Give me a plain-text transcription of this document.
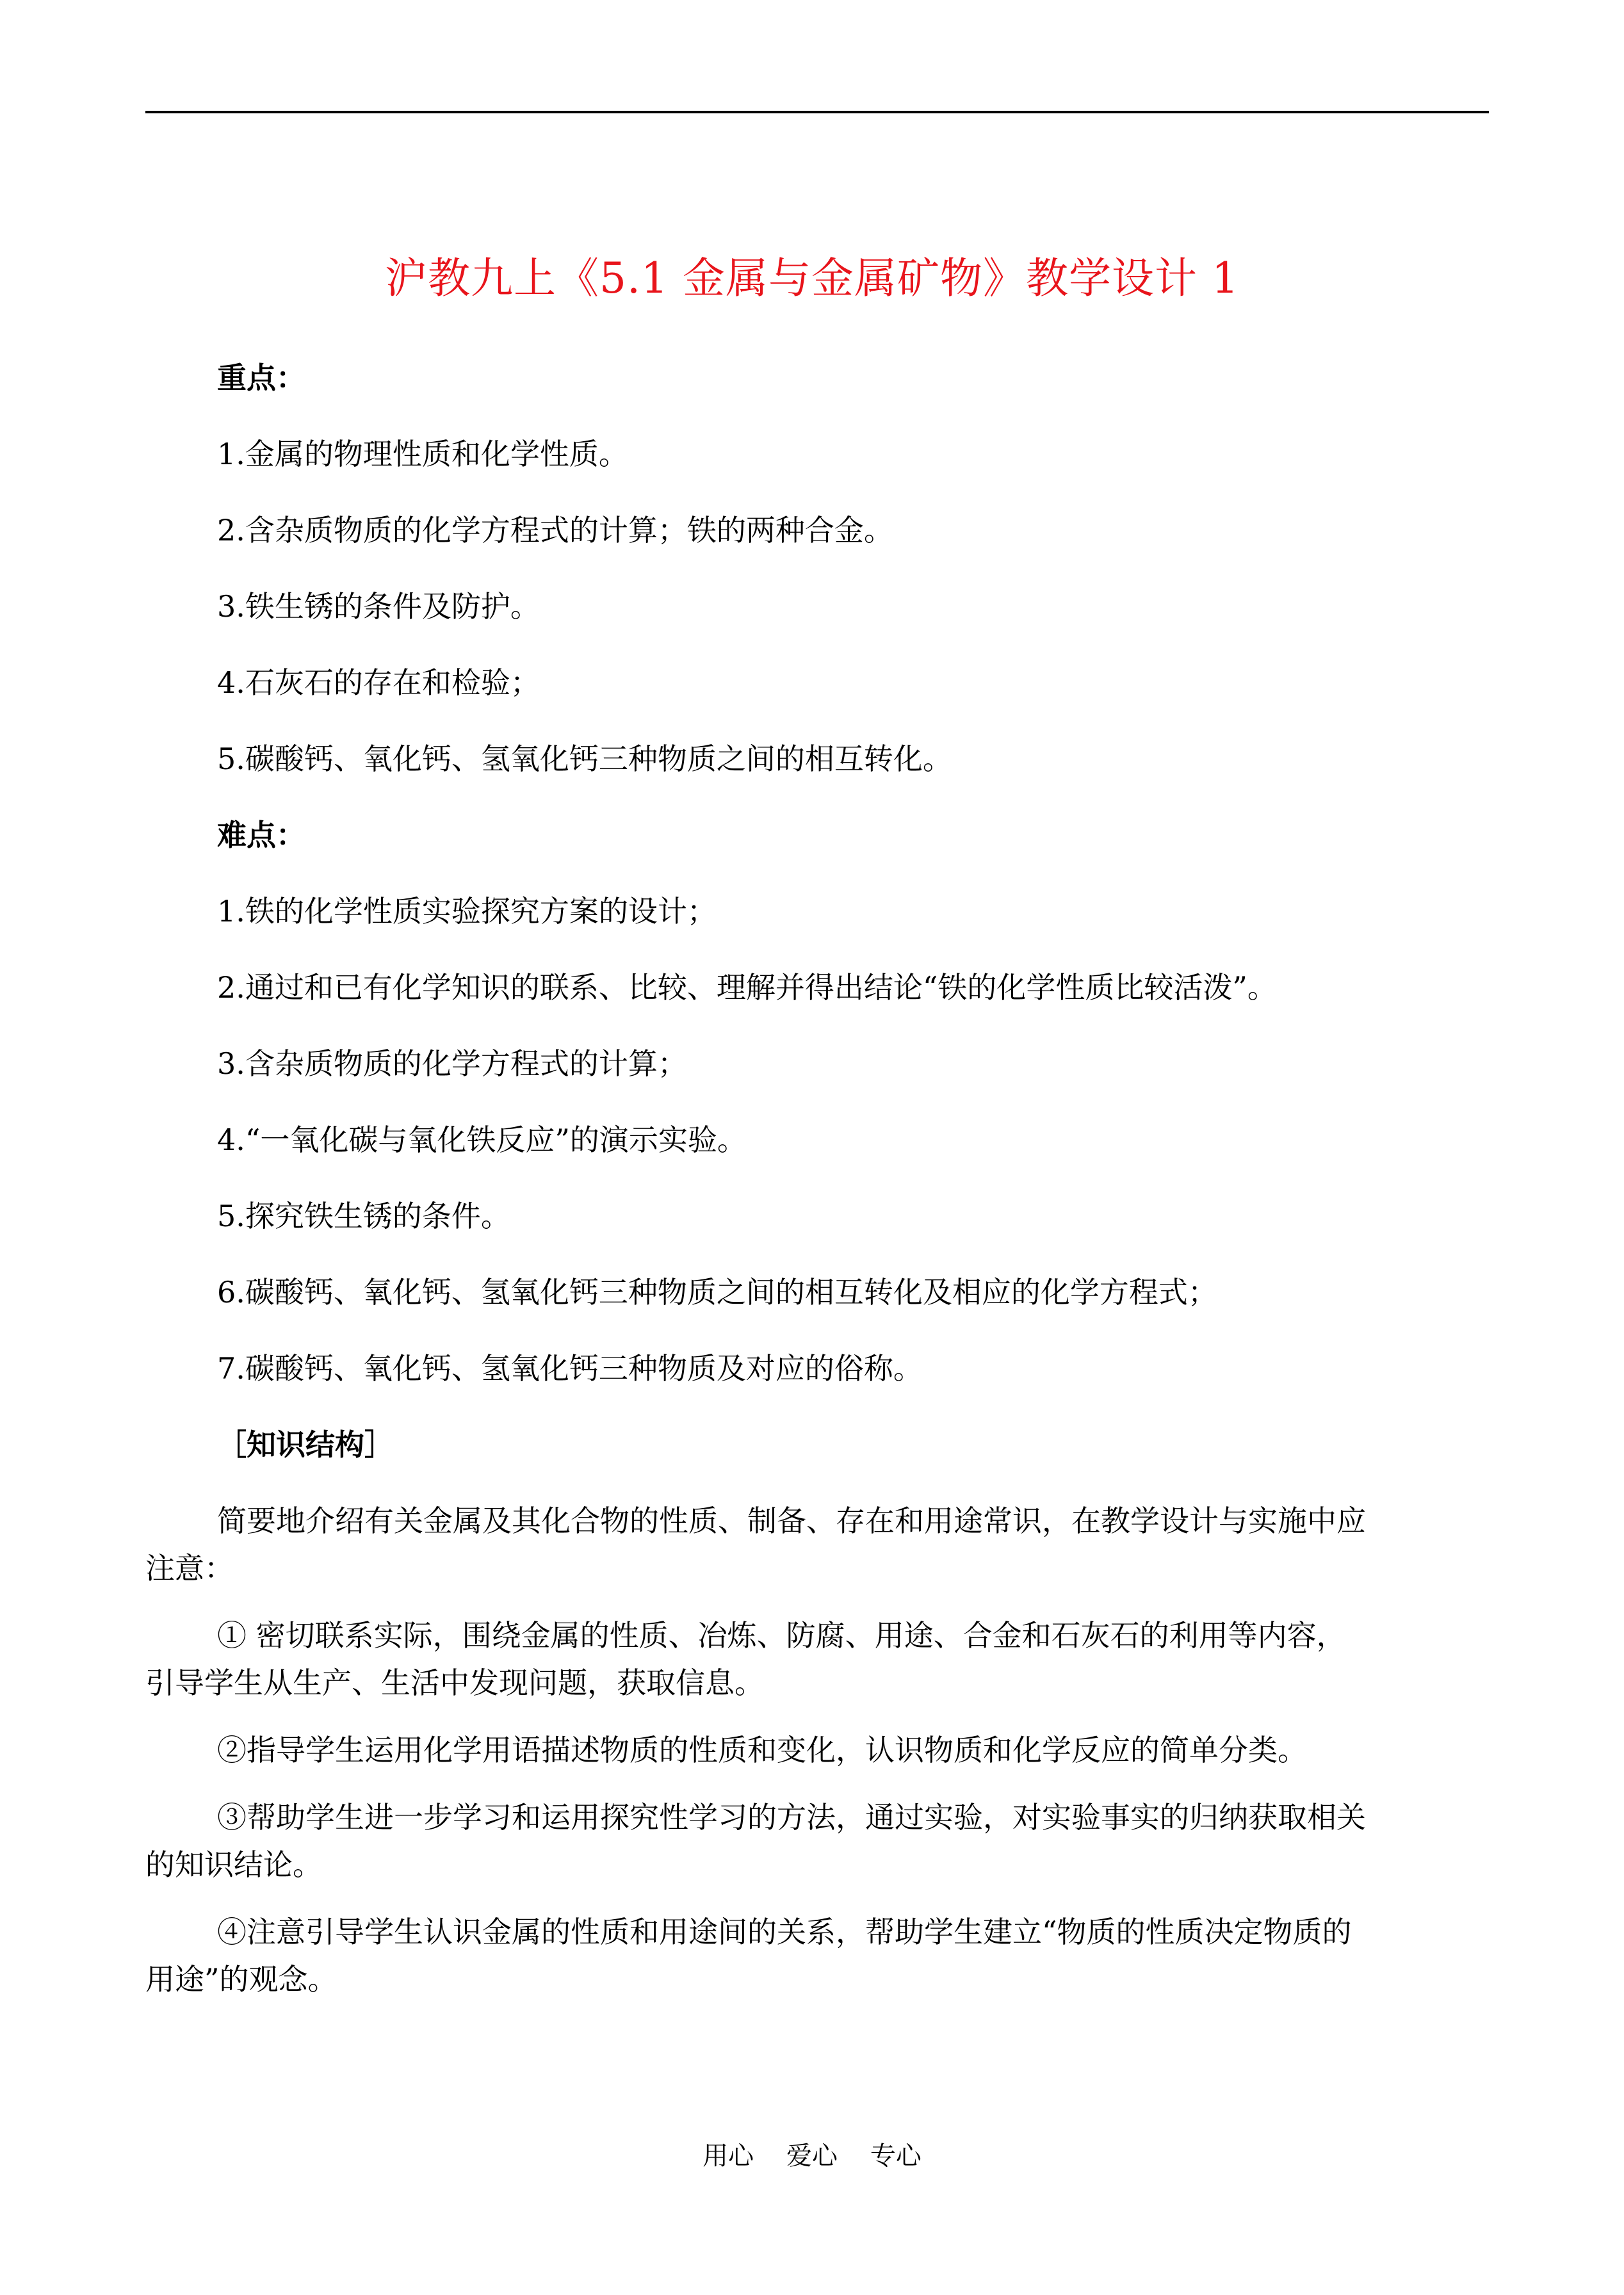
沪教九上《5.1 金属与金属矿物》教学设计 1
重点：
1.金属的物理性质和化学性质。
2.含杂质物质的化学方程式的计算；铁的两种合金。
3.铁生锈的条件及防护。
4.石灰石的存在和检验；
5.碳酸钙、氧化钙、氢氧化钙三种物质之间的相互转化。
难点：
1.铁的化学性质实验探究方案的设计；
2.通过和已有化学知识的联系、比较、理解并得出结论“铁的化学性质比较活泼”。
3.含杂质物质的化学方程式的计算；
4.“一氧化碳与氧化铁反应”的演示实验。
5.探究铁生锈的条件。
6.碳酸钙、氧化钙、氢氧化钙三种物质之间的相互转化及相应的化学方程式；
7.碳酸钙、氧化钙、氢氧化钙三种物质及对应的俗称。
［知识结构］
简要地介绍有关金属及其化合物的性质、制备、存在和用途常识，在教学设计与实施中应
注意：
① 密切联系实际，围绕金属的性质、冶炼、防腐、用途、合金和石灰石的利用等内容，
引导学生从生产、生活中发现问题，获取信息。
②指导学生运用化学用语描述物质的性质和变化，认识物质和化学反应的简单分类。
③帮助学生进一步学习和运用探究性学习的方法，通过实验，对实验事实的归纳获取相关
的知识结论。
④注意引导学生认识金属的性质和用途间的关系，帮助学生建立“物质的性质决定物质的
用途”的观念。
用心    爱心    专心
